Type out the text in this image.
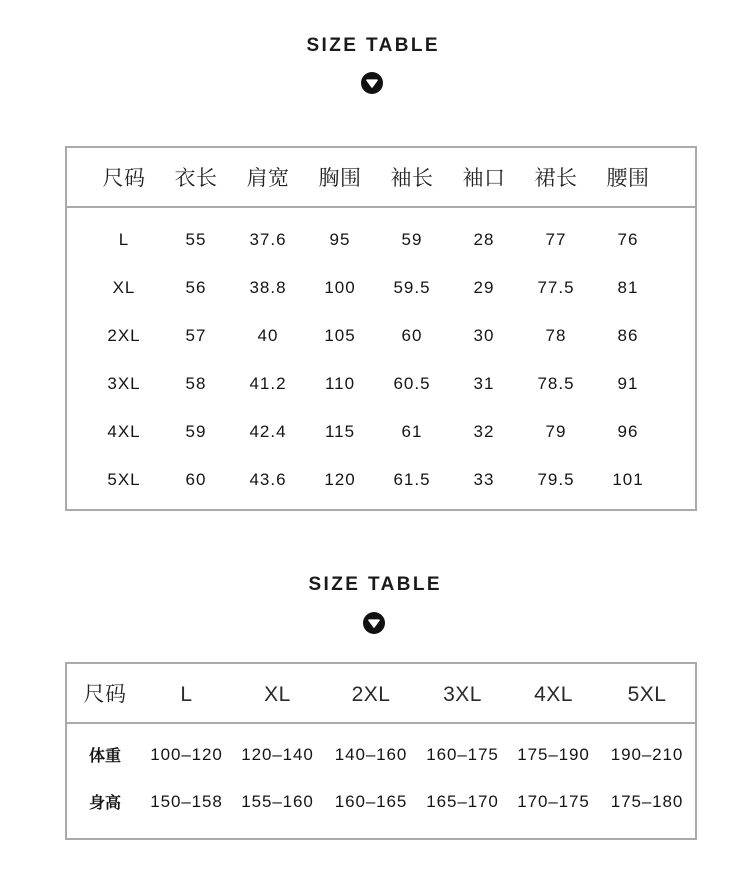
SIZE TABLE
尺码	衣长	肩宽	胸围	袖长	袖口	裙长	腰围
L	55	37.6	95	59	28	77	76
XL	56	38.8	100	59.5	29	77.5	81
2XL	57	40	105	60	30	78	86
3XL	58	41.2	110	60.5	31	78.5	91
4XL	59	42.4	115	61	32	79	96
5XL	60	43.6	120	61.5	33	79.5	101
SIZE TABLE
尺码	L	XL	2XL	3XL	4XL	5XL
体重	100–120	120–140	140–160	160–175	175–190	190–210
身高	150–158	155–160	160–165	165–170	170–175	175–180
